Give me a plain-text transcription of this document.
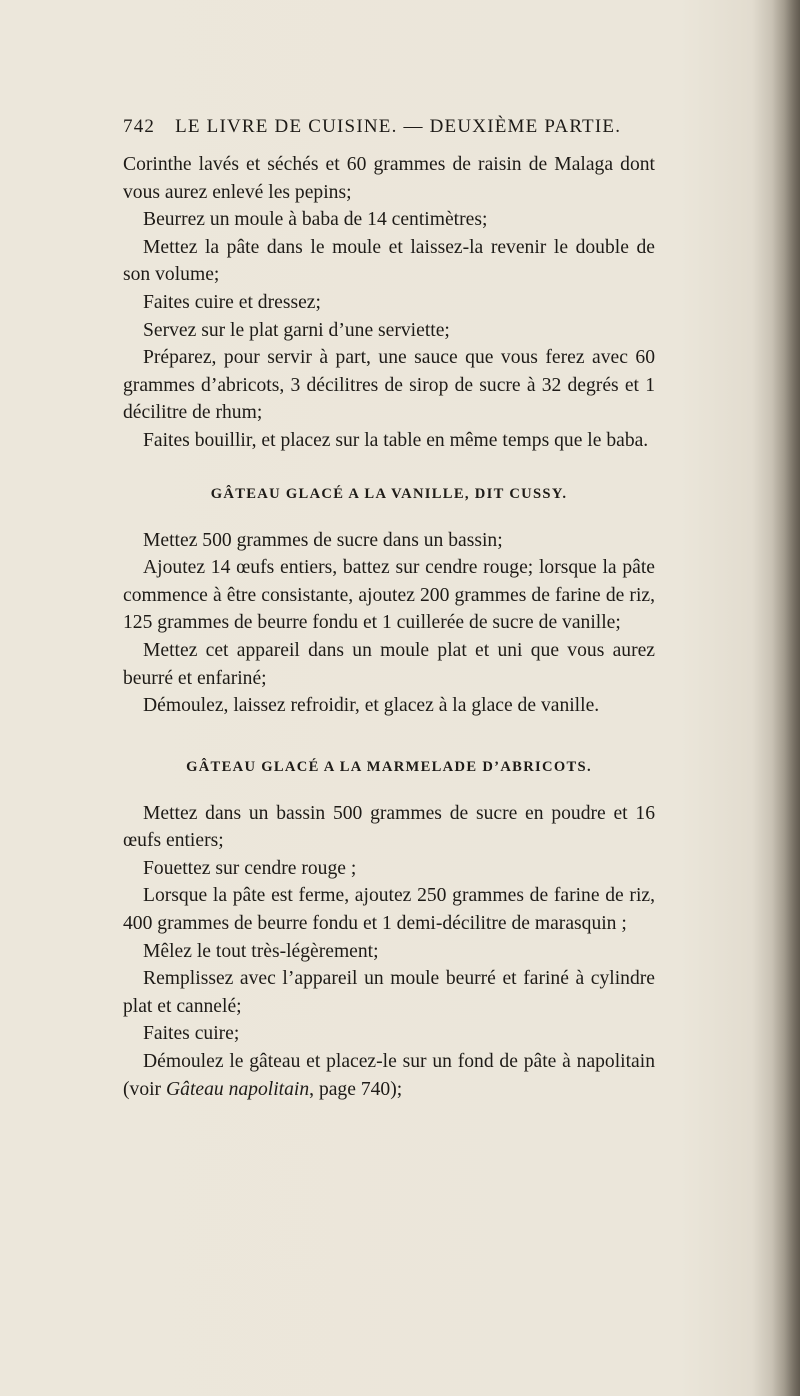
742 LE LIVRE DE CUISINE. — DEUXIÈME PARTIE.

Corinthe lavés et séchés et 60 grammes de raisin de Malaga dont vous aurez enlevé les pepins;

Beurrez un moule à baba de 14 centimètres;

Mettez la pâte dans le moule et laissez-la revenir le double de son volume;

Faites cuire et dressez;

Servez sur le plat garni d’une serviette;

Préparez, pour servir à part, une sauce que vous ferez avec 60 grammes d’abricots, 3 décilitres de sirop de sucre à 32 degrés et 1 décilitre de rhum;

Faites bouillir, et placez sur la table en même temps que le baba.

GÂTEAU GLACÉ A LA VANILLE, DIT CUSSY.

Mettez 500 grammes de sucre dans un bassin;

Ajoutez 14 œufs entiers, battez sur cendre rouge; lorsque la pâte commence à être consistante, ajoutez 200 grammes de farine de riz, 125 grammes de beurre fondu et 1 cuillerée de sucre de vanille;

Mettez cet appareil dans un moule plat et uni que vous aurez beurré et enfariné;

Démoulez, laissez refroidir, et glacez à la glace de vanille.

GÂTEAU GLACÉ A LA MARMELADE D’ABRICOTS.

Mettez dans un bassin 500 grammes de sucre en poudre et 16 œufs entiers;

Fouettez sur cendre rouge ;

Lorsque la pâte est ferme, ajoutez 250 grammes de farine de riz, 400 grammes de beurre fondu et 1 demi-décilitre de marasquin ;

Mêlez le tout très-légèrement;

Remplissez avec l’appareil un moule beurré et fariné à cylindre plat et cannelé;

Faites cuire;

Démoulez le gâteau et placez-le sur un fond de pâte à napolitain (voir Gâteau napolitain, page 740);
